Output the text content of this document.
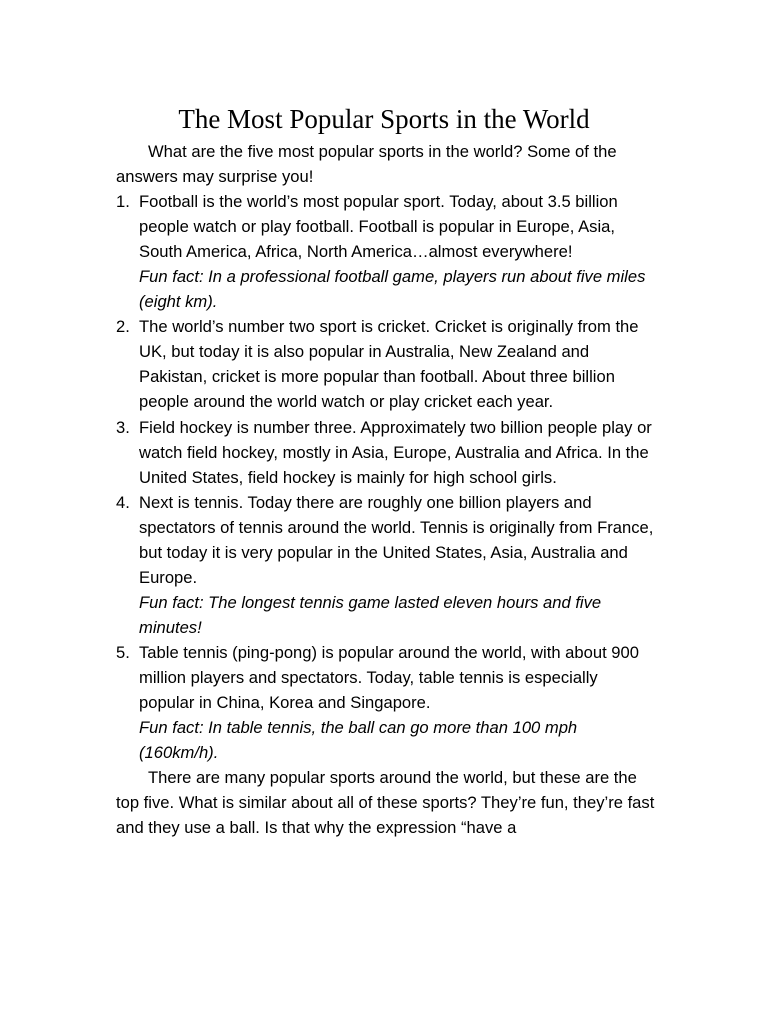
The Most Popular Sports in the World

What are the five most popular sports in the world? Some of the answers may surprise you!

1. Football is the world’s most popular sport. Today, about 3.5 billion people watch or play football. Football is popular in Europe, Asia, South America, Africa, North America…almost everywhere!
Fun fact: In a professional football game, players run about five miles (eight km).
2. The world’s number two sport is cricket. Cricket is originally from the UK, but today it is also popular in Australia, New Zealand and Pakistan, cricket is more popular than football. About three billion people around the world watch or play cricket each year.
3. Field hockey is number three. Approximately two billion people play or watch field hockey, mostly in Asia, Europe, Australia and Africa. In the United States, field hockey is mainly for high school girls.
4. Next is tennis. Today there are roughly one billion players and spectators of tennis around the world. Tennis is originally from France, but today it is very popular in the United States, Asia, Australia and Europe.
Fun fact: The longest tennis game lasted eleven hours and five minutes!
5. Table tennis (ping-pong) is popular around the world, with about 900 million players and spectators. Today, table tennis is especially popular in China, Korea and Singapore.
Fun fact: In table tennis, the ball can go more than 100 mph (160km/h).

There are many popular sports around the world, but these are the top five. What is similar about all of these sports? They’re fun, they’re fast and they use a ball. Is that why the expression “have a
